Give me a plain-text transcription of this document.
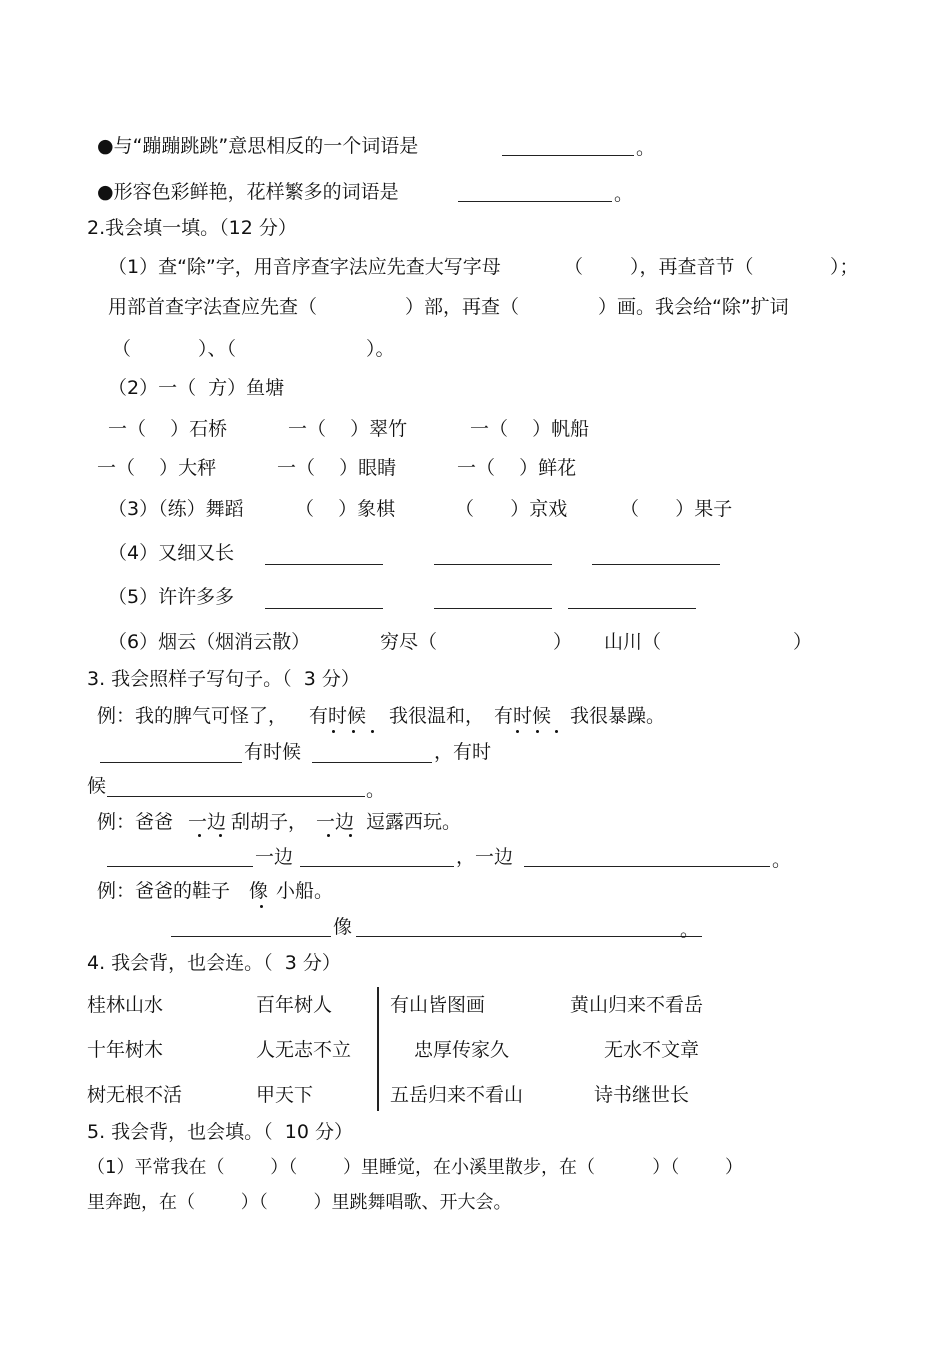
●与“蹦蹦跳跳”意思相反的一个词语是	。
●形容色彩鲜艳，花样繁多的词语是	。
2.我会填一填。（12 分）
（1）查“除”字，用音序查字法应先查大写字母	（ ），再查音节（	）；
用部首查字法查应先查（	）部，再查（	）画。我会给“除”扩词
（	）、（	）。
（2）一（  方）鱼塘
一（    ）石桥	一（    ）翠竹	一（    ）帆船
一（    ）大秤	一（    ）眼睛	一（    ）鲜花
（3）（练）舞蹈	（    ）象棋	（      ）京戏	（      ）果子
（4）又细又长
（5）许许多多
（6）烟云（烟消云散）	穷尽（	） 山川（	）
3. 我会照样子写句子。（  3 分）
例：我的脾气可怪了， 有时候 我很温和， 有时候 我很暴躁。
有时候	，有时
候	。
例：爸爸 一边 刮胡子， 一边 逗露西玩。
一边	，一边	。
例：爸爸的鞋子 像 小船。
像	。
4. 我会背，也会连。（  3 分）
桂林山水	百年树人
十年树木	人无志不立
树无根不活	甲天下
有山皆图画	黄山归来不看岳
忠厚传家久	无水不文章
五岳归来不看山	诗书继世长
5. 我会背，也会填。（  10 分）
（1）平常我在（        ）（        ）里睡觉，在小溪里散步，在（          ）（        ）
里奔跑，在（        ）（        ）里跳舞唱歌、开大会。
